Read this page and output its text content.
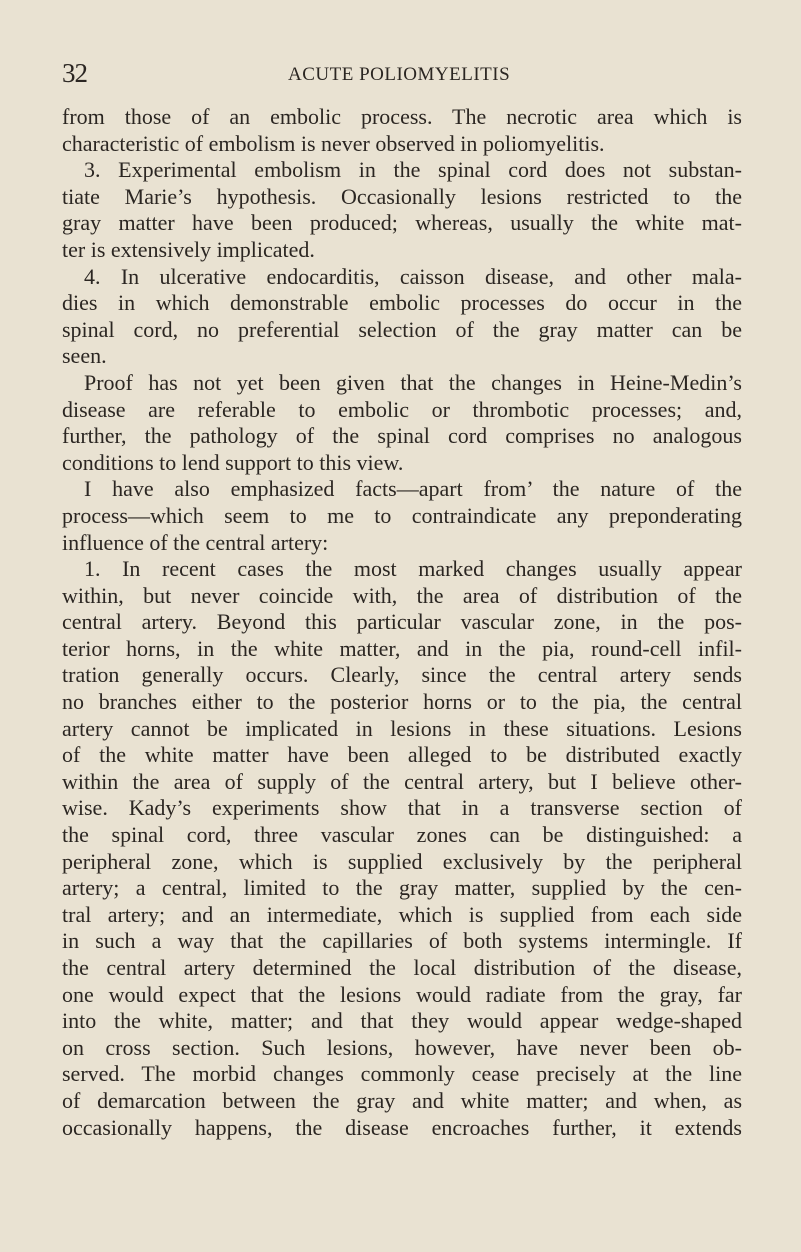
32	ACUTE POLIOMYELITIS
from those of an embolic process. The necrotic area which is
characteristic of embolism is never observed in poliomyelitis.
3. Experimental embolism in the spinal cord does not substan-
tiate Marie’s hypothesis. Occasionally lesions restricted to the
gray matter have been produced; whereas, usually the white mat-
ter is extensively implicated.
4. In ulcerative endocarditis, caisson disease, and other mala-
dies in which demonstrable embolic processes do occur in the
spinal cord, no preferential selection of the gray matter can be
seen.
Proof has not yet been given that the changes in Heine-Medin’s
disease are referable to embolic or thrombotic processes; and,
further, the pathology of the spinal cord comprises no analogous
conditions to lend support to this view.
I have also emphasized facts—apart from’ the nature of the
process—which seem to me to contraindicate any preponderating
influence of the central artery:
1. In recent cases the most marked changes usually appear
within, but never coincide with, the area of distribution of the
central artery. Beyond this particular vascular zone, in the pos-
terior horns, in the white matter, and in the pia, round-cell infil-
tration generally occurs. Clearly, since the central artery sends
no branches either to the posterior horns or to the pia, the central
artery cannot be implicated in lesions in these situations. Lesions
of the white matter have been alleged to be distributed exactly
within the area of supply of the central artery, but I believe other-
wise. Kady’s experiments show that in a transverse section of
the spinal cord, three vascular zones can be distinguished: a
peripheral zone, which is supplied exclusively by the peripheral
artery; a central, limited to the gray matter, supplied by the cen-
tral artery; and an intermediate, which is supplied from each side
in such a way that the capillaries of both systems intermingle. If
the central artery determined the local distribution of the disease,
one would expect that the lesions would radiate from the gray, far
into the white, matter; and that they would appear wedge-shaped
on cross section. Such lesions, however, have never been ob-
served. The morbid changes commonly cease precisely at the line
of demarcation between the gray and white matter; and when, as
occasionally happens, the disease encroaches further, it extends
